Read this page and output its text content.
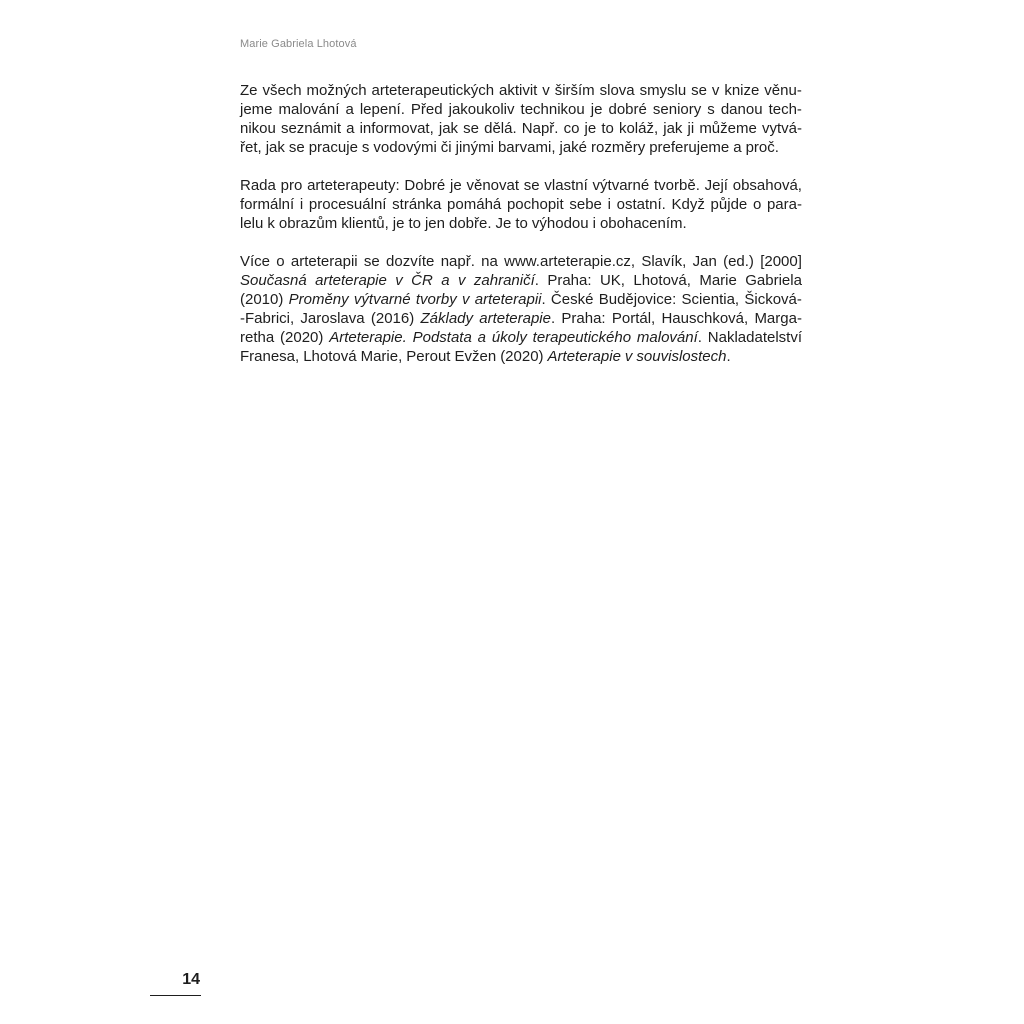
Marie Gabriela Lhotová
Ze všech možných arteterapeutických aktivit v širším slova smyslu se v knize věnu-
jeme malování a lepení. Před jakoukoliv technikou je dobré seniory s danou tech-
nikou seznámit a informovat, jak se dělá. Např. co je to koláž, jak ji můžeme vytvá-
řet, jak se pracuje s vodovými či jinými barvami, jaké rozměry preferujeme a proč.
Rada pro arteterapeuty: Dobré je věnovat se vlastní výtvarné tvorbě. Její obsahová,
formální i procesuální stránka pomáhá pochopit sebe i ostatní. Když půjde o para-
lelu k obrazům klientů, je to jen dobře. Je to výhodou i obohacením.
Více o arteterapii se dozvíte např. na www.arteterapie.cz, Slavík, Jan (ed.) [2000]
Současná arteterapie v ČR a v zahraničí. Praha: UK, Lhotová, Marie Gabriela
(2010) Proměny výtvarné tvorby v arteterapii. České Budějovice: Scientia, Šicková-
-Fabrici, Jaroslava (2016) Základy arteterapie. Praha: Portál, Hauschková, Marga-
retha (2020) Arteterapie. Podstata a úkoly terapeutického malování. Nakladatelství
Franesa, Lhotová Marie, Perout Evžen (2020) Arteterapie v souvislostech.
14
